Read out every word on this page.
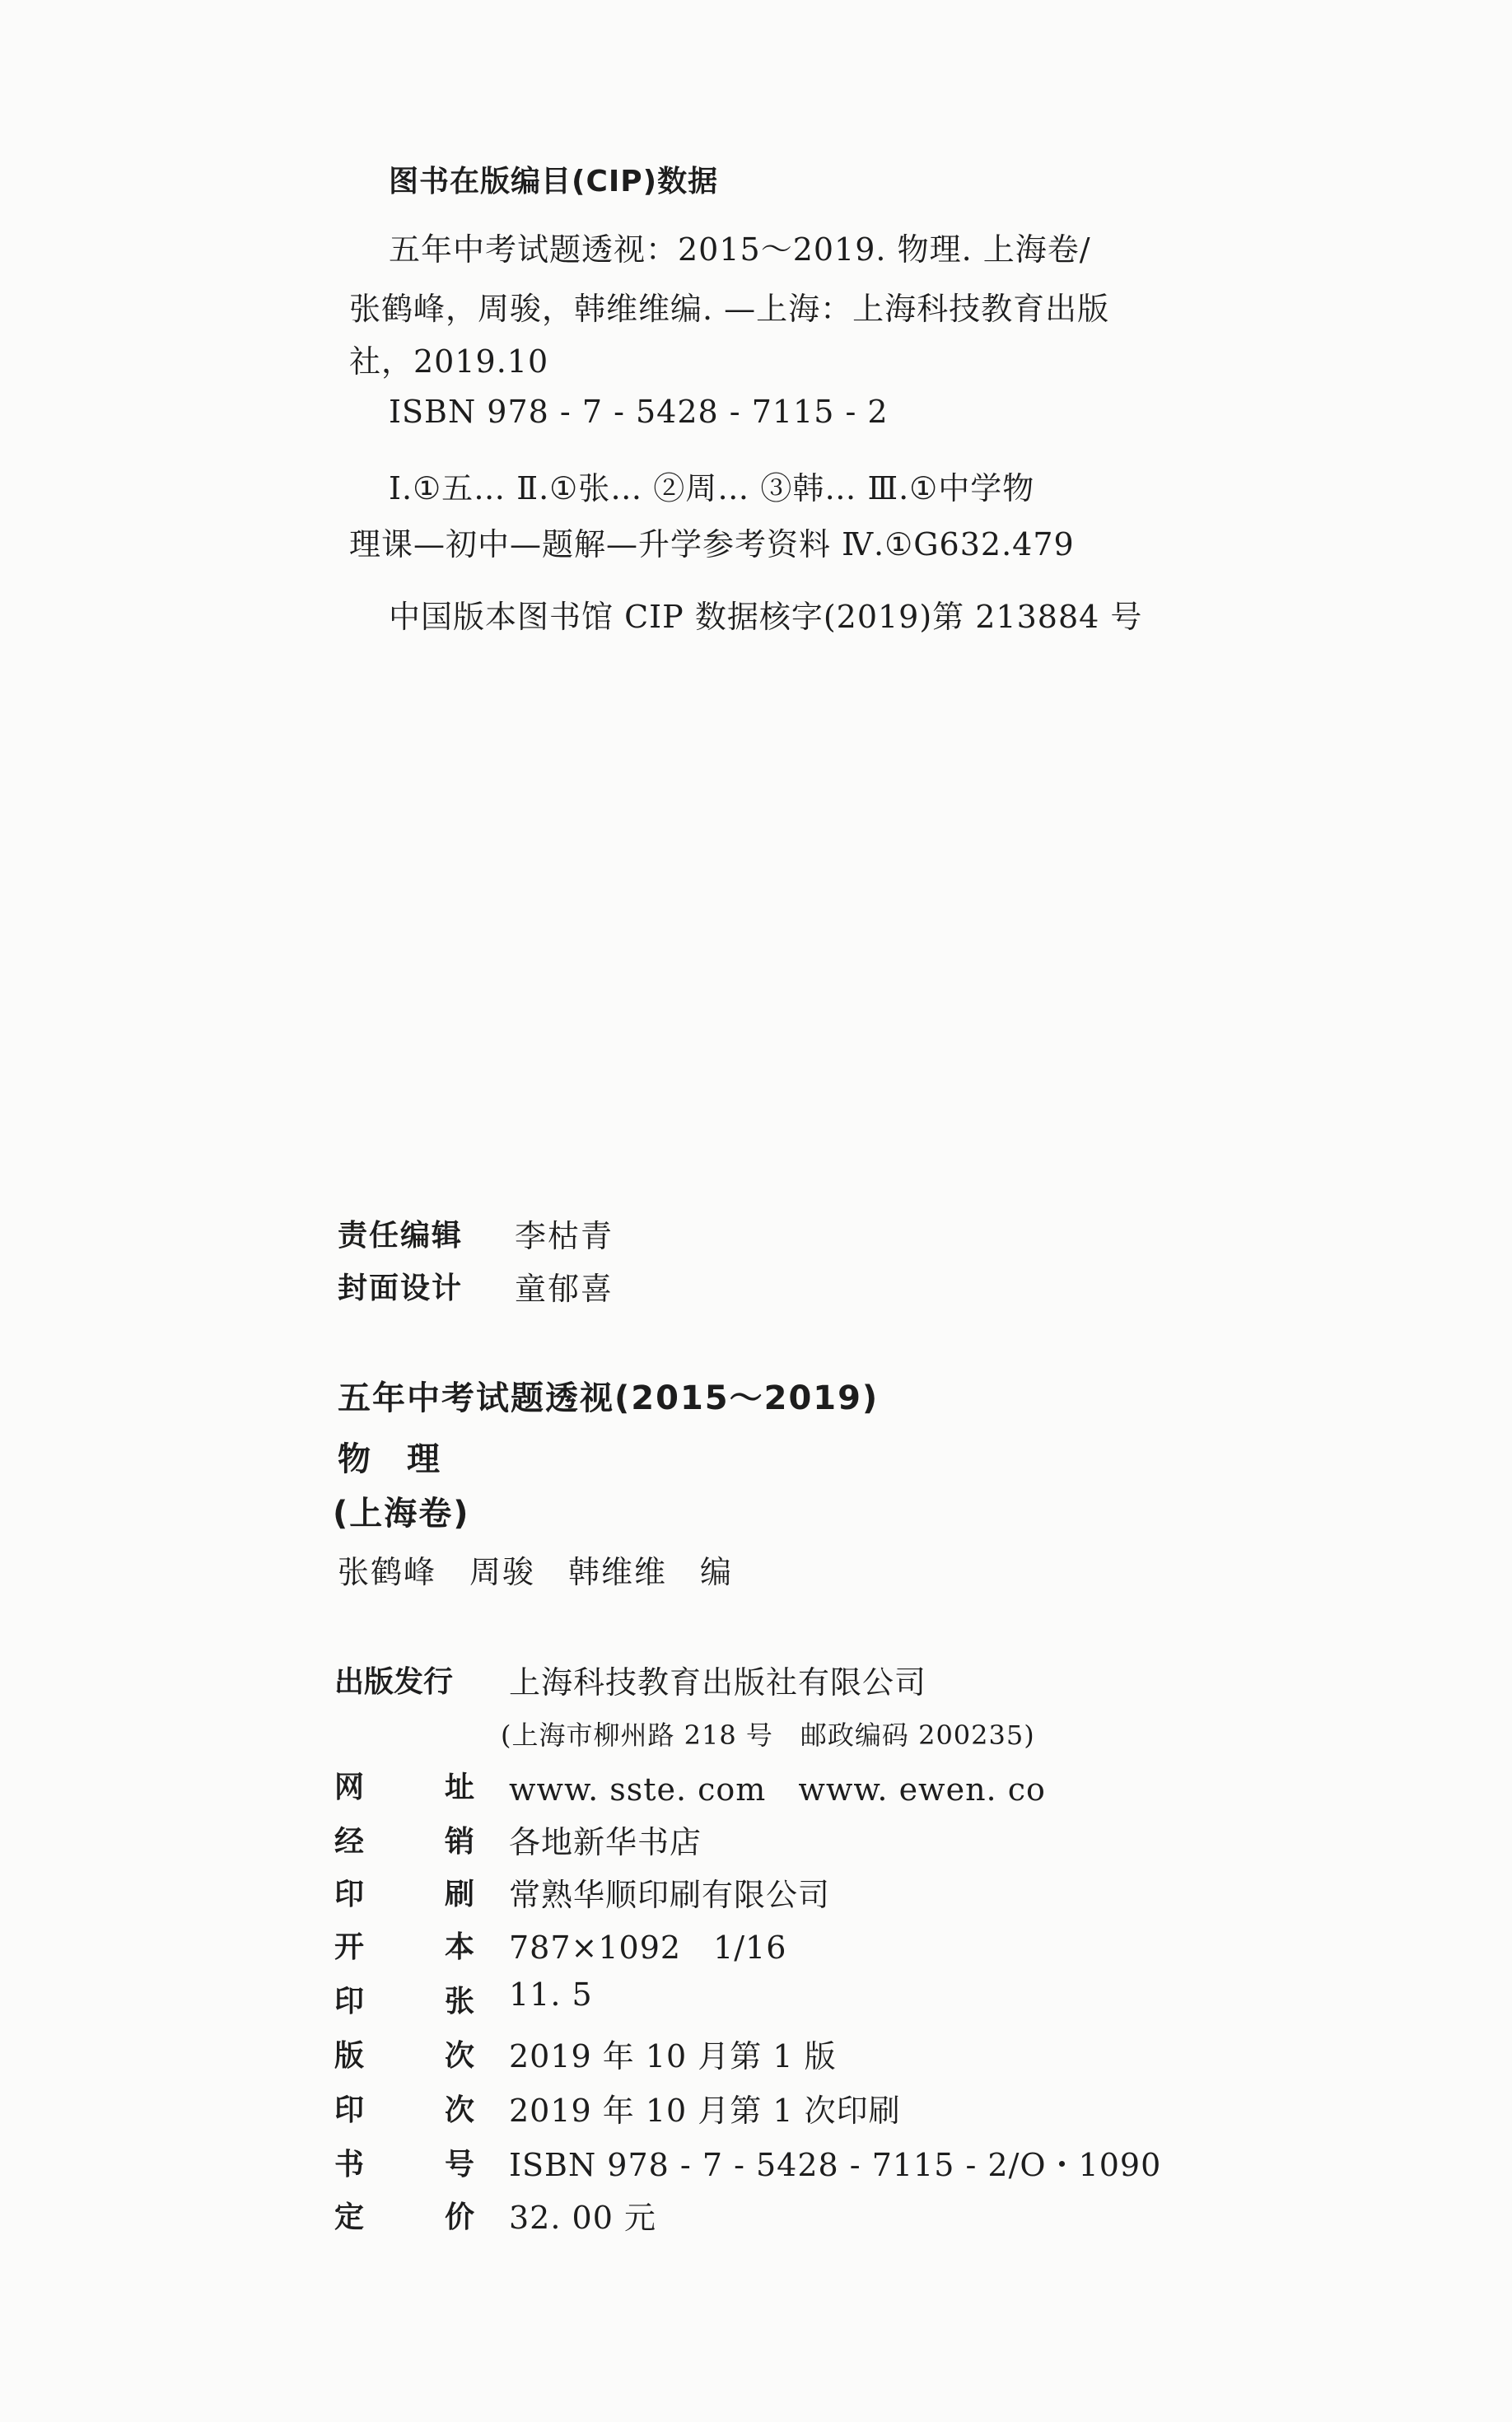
图书在版编目(CIP)数据
五年中考试题透视：2015～2019. 物理. 上海卷/
张鹤峰，周骏，韩维维编. —上海：上海科技教育出版
社，2019.10
ISBN 978 - 7 - 5428 - 7115 - 2
Ⅰ.①五… Ⅱ.①张… ②周… ③韩… Ⅲ.①中学物
理课—初中—题解—升学参考资料 Ⅳ.①G632.479
中国版本图书馆 CIP 数据核字(2019)第 213884 号
责任编辑 李枯青
封面设计 童郁喜
五年中考试题透视(2015～2019)
物　理
(上海卷)
张鹤峰　周骏　韩维维　编
出版发行	上海科技教育出版社有限公司
(上海市柳州路 218 号　邮政编码 200235)
网	址 www. sste. com　www. ewen. co
经	销 各地新华书店
印	刷 常熟华顺印刷有限公司
开	本 787×1092　1/16
印	张 11. 5
版	次 2019 年 10 月第 1 版
印	次 2019 年 10 月第 1 次印刷
书	号 ISBN 978 - 7 - 5428 - 7115 - 2/O・1090
定	价 32. 00 元
